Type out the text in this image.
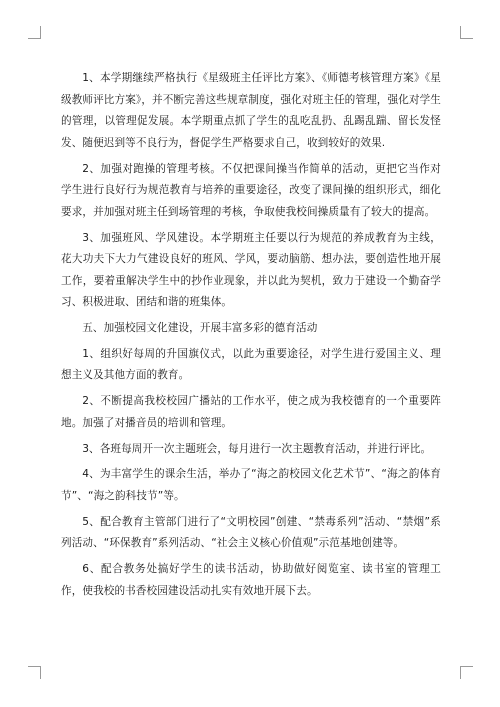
1、本学期继续严格执行《星级班主任评比方案》、《师德考核管理方案》《星级教师评比方案》，并不断完善这些规章制度，强化对班主任的管理，强化对学生的管理，以管理促发展。本学期重点抓了学生的乱吃乱扔、乱踢乱踹、留长发怪发、随便迟到等不良行为，督促学生严格要求自己，收到较好的效果.

2、加强对跑操的管理考核。不仅把课间操当作简单的活动，更把它当作对学生进行良好行为规范教育与培养的重要途径，改变了课间操的组织形式，细化要求，并加强对班主任到场管理的考核，争取使我校间操质量有了较大的提高。

3、加强班风、学风建设。本学期班主任要以行为规范的养成教育为主线，花大功夫下大力气建设良好的班风、学风，要动脑筋、想办法，要创造性地开展工作，要着重解决学生中的抄作业现象，并以此为契机，致力于建设一个勤奋学习、积极进取、团结和谐的班集体。

五、加强校园文化建设，开展丰富多彩的德育活动

1、组织好每周的升国旗仪式，以此为重要途径，对学生进行爱国主义、理想主义及其他方面的教育。

2、不断提高我校校园广播站的工作水平，使之成为我校德育的一个重要阵地。加强了对播音员的培训和管理。

3、各班每周开一次主题班会，每月进行一次主题教育活动，并进行评比。

4、为丰富学生的课余生活，举办了“海之韵校园文化艺术节”、“海之韵体育节”、“海之韵科技节”等。

5、配合教育主管部门进行了“文明校园”创建、“禁毒系列”活动、“禁烟”系列活动、“环保教育”系列活动、“社会主义核心价值观”示范基地创建等。

6、配合教务处搞好学生的读书活动，协助做好阅览室、读书室的管理工作，使我校的书香校园建设活动扎实有效地开展下去。
